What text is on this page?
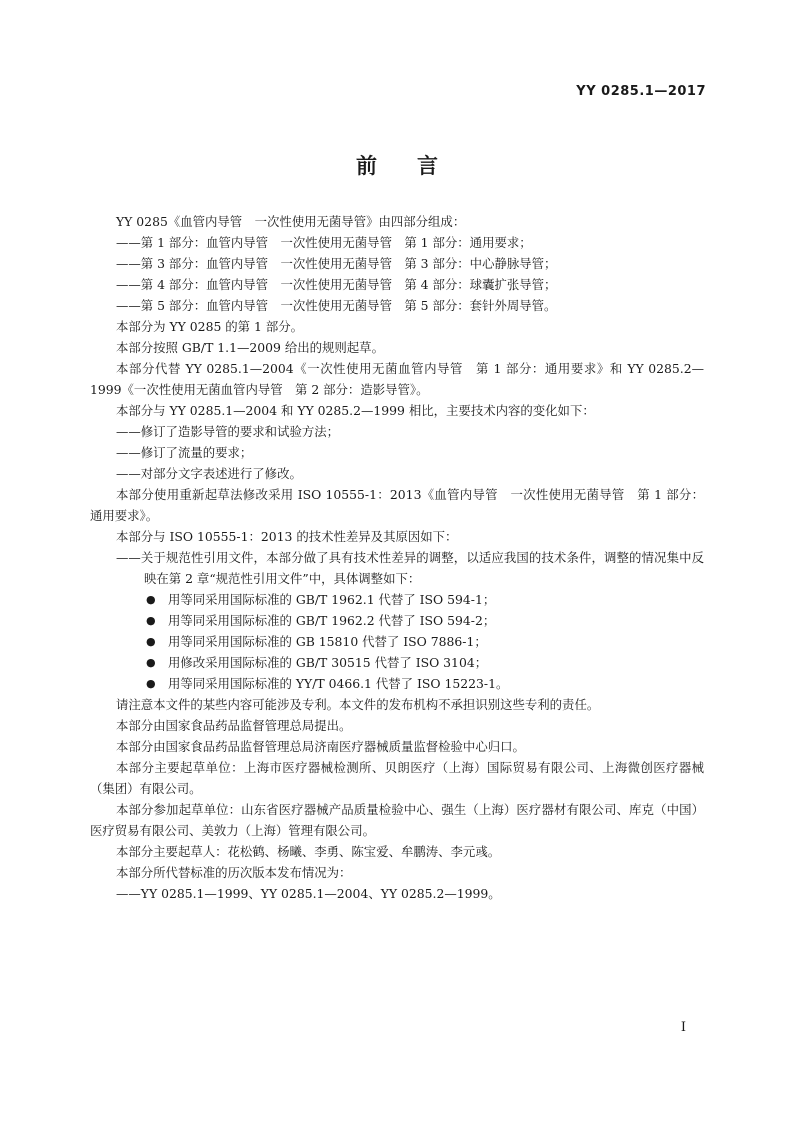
YY 0285.1—2017
前言

YY 0285《血管内导管　一次性使用无菌导管》由四部分组成：

——第 1 部分：血管内导管　一次性使用无菌导管　第 1 部分：通用要求；

——第 3 部分：血管内导管　一次性使用无菌导管　第 3 部分：中心静脉导管；

——第 4 部分：血管内导管　一次性使用无菌导管　第 4 部分：球囊扩张导管；

——第 5 部分：血管内导管　一次性使用无菌导管　第 5 部分：套针外周导管。

本部分为 YY 0285 的第 1 部分。

本部分按照 GB/T 1.1—2009 给出的规则起草。

本部分代替 YY 0285.1—2004《一次性使用无菌血管内导管　第 1 部分：通用要求》和 YY 0285.2—1999《一次性使用无菌血管内导管　第 2 部分：造影导管》。

本部分与 YY 0285.1—2004 和 YY 0285.2—1999 相比，主要技术内容的变化如下：

——修订了造影导管的要求和试验方法；

——修订了流量的要求；

——对部分文字表述进行了修改。

本部分使用重新起草法修改采用 ISO 10555-1：2013《血管内导管　一次性使用无菌导管　第 1 部分：通用要求》。

本部分与 ISO 10555-1：2013 的技术性差异及其原因如下：

——关于规范性引用文件，本部分做了具有技术性差异的调整，以适应我国的技术条件，调整的情况集中反映在第 2 章“规范性引用文件”中，具体调整如下：

● 用等同采用国际标准的 GB/T 1962.1 代替了 ISO 594-1；

● 用等同采用国际标准的 GB/T 1962.2 代替了 ISO 594-2；

● 用等同采用国际标准的 GB 15810 代替了 ISO 7886-1；

● 用修改采用国际标准的 GB/T 30515 代替了 ISO 3104；

● 用等同采用国际标准的 YY/T 0466.1 代替了 ISO 15223-1。

请注意本文件的某些内容可能涉及专利。本文件的发布机构不承担识别这些专利的责任。

本部分由国家食品药品监督管理总局提出。

本部分由国家食品药品监督管理总局济南医疗器械质量监督检验中心归口。

本部分主要起草单位：上海市医疗器械检测所、贝朗医疗（上海）国际贸易有限公司、上海微创医疗器械（集团）有限公司。

本部分参加起草单位：山东省医疗器械产品质量检验中心、强生（上海）医疗器材有限公司、库克（中国）医疗贸易有限公司、美敦力（上海）管理有限公司。

本部分主要起草人：花松鹤、杨曦、李勇、陈宝爱、牟鹏涛、李元彧。

本部分所代替标准的历次版本发布情况为：

——YY 0285.1—1999、YY 0285.1—2004、YY 0285.2—1999。

I
